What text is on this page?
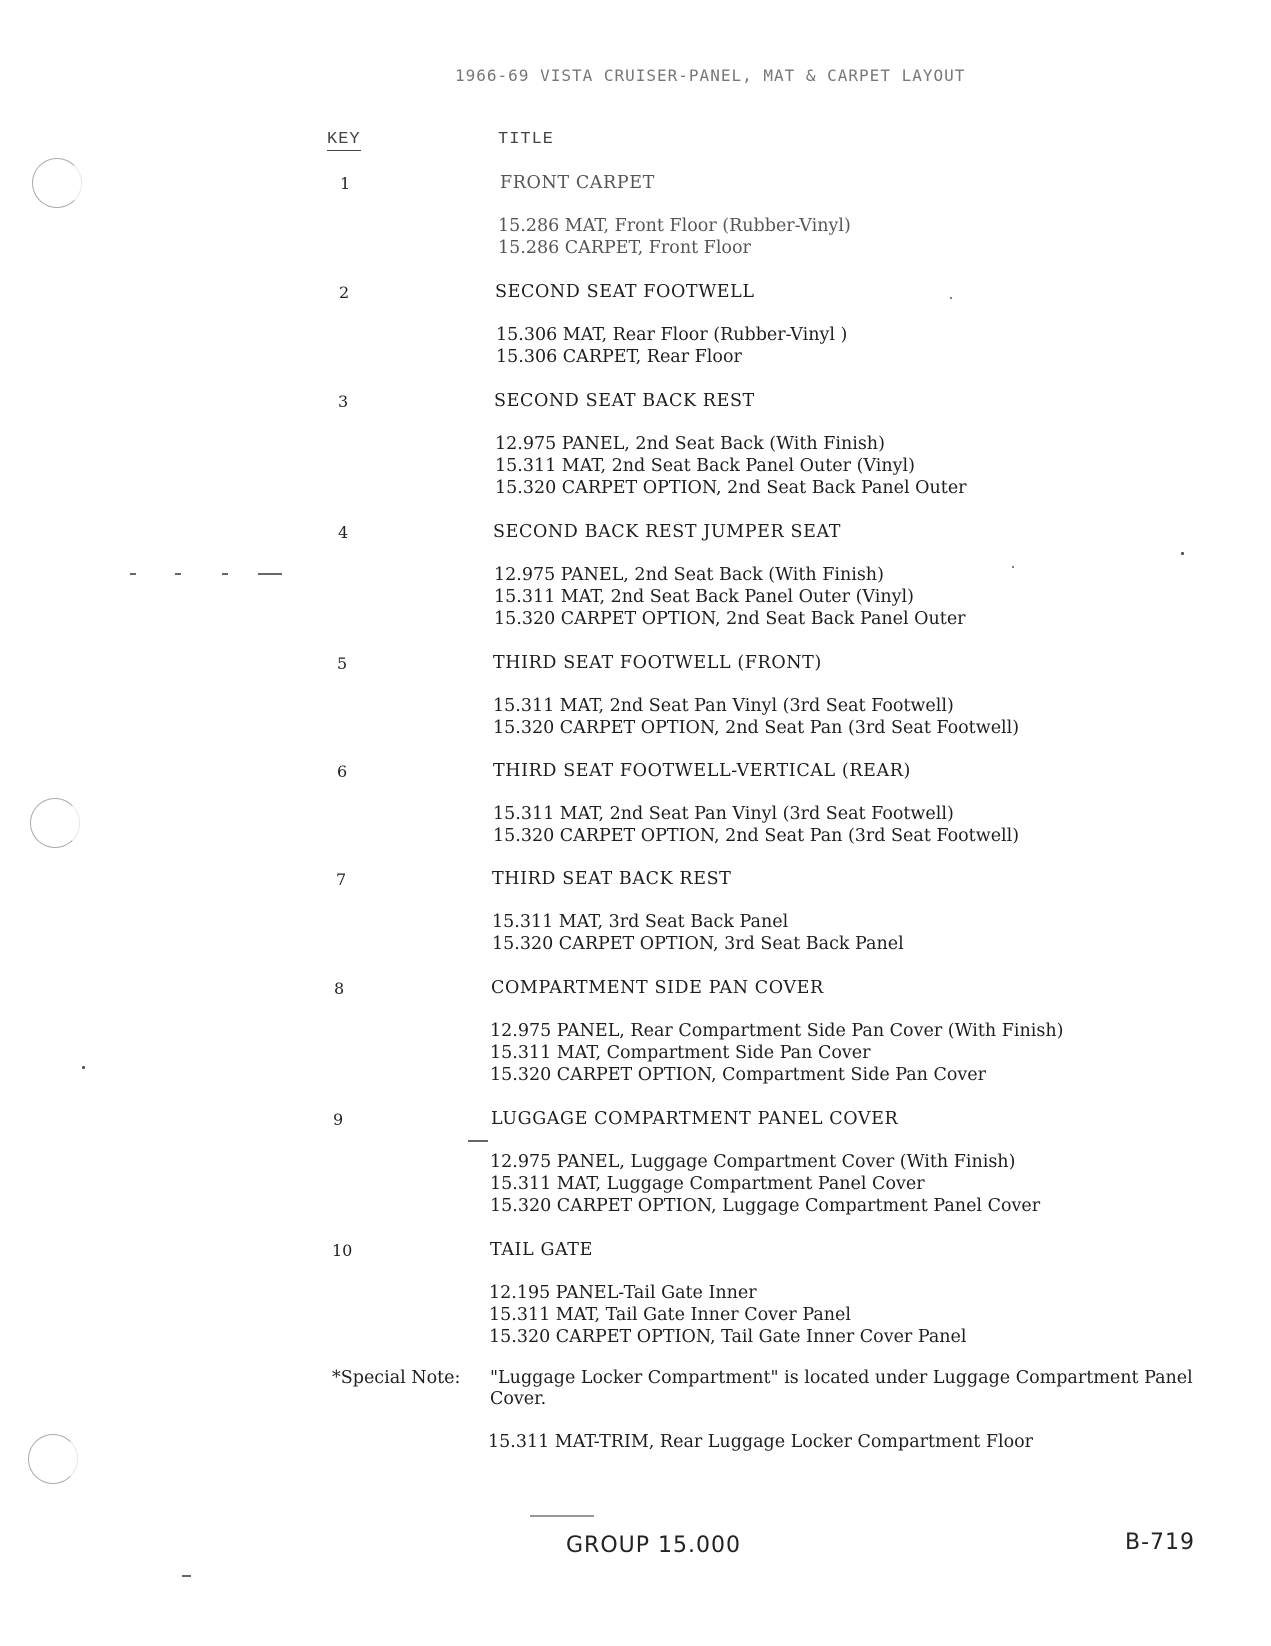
1966-69 VISTA CRUISER-PANEL, MAT & CARPET LAYOUT
KEY	TITLE
1	FRONT CARPET
15.286 MAT, Front Floor (Rubber-Vinyl)
15.286 CARPET, Front Floor
2	SECOND SEAT FOOTWELL
15.306 MAT, Rear Floor (Rubber-Vinyl )
15.306 CARPET, Rear Floor
3	SECOND SEAT BACK REST
12.975 PANEL, 2nd Seat Back (With Finish)
15.311 MAT, 2nd Seat Back Panel Outer (Vinyl)
15.320 CARPET OPTION, 2nd Seat Back Panel Outer
4	SECOND BACK REST JUMPER SEAT
12.975 PANEL, 2nd Seat Back (With Finish)
15.311 MAT, 2nd Seat Back Panel Outer (Vinyl)
15.320 CARPET OPTION, 2nd Seat Back Panel Outer
5	THIRD SEAT FOOTWELL (FRONT)
15.311 MAT, 2nd Seat Pan Vinyl (3rd Seat Footwell)
15.320 CARPET OPTION, 2nd Seat Pan (3rd Seat Footwell)
6	THIRD SEAT FOOTWELL-VERTICAL (REAR)
15.311 MAT, 2nd Seat Pan Vinyl (3rd Seat Footwell)
15.320 CARPET OPTION, 2nd Seat Pan (3rd Seat Footwell)
7	THIRD SEAT BACK REST
15.311 MAT, 3rd Seat Back Panel
15.320 CARPET OPTION, 3rd Seat Back Panel
8	COMPARTMENT SIDE PAN COVER
12.975 PANEL, Rear Compartment Side Pan Cover (With Finish)
15.311 MAT, Compartment Side Pan Cover
15.320 CARPET OPTION, Compartment Side Pan Cover
9	LUGGAGE COMPARTMENT PANEL COVER
12.975 PANEL, Luggage Compartment Cover (With Finish)
15.311 MAT, Luggage Compartment Panel Cover
15.320 CARPET OPTION, Luggage Compartment Panel Cover
10	TAIL GATE
12.195 PANEL-Tail Gate Inner
15.311 MAT, Tail Gate Inner Cover Panel
15.320 CARPET OPTION, Tail Gate Inner Cover Panel
*Special Note: "Luggage Locker Compartment" is located under Luggage Compartment Panel Cover.
15.311 MAT-TRIM, Rear Luggage Locker Compartment Floor
GROUP 15.000	B-719
